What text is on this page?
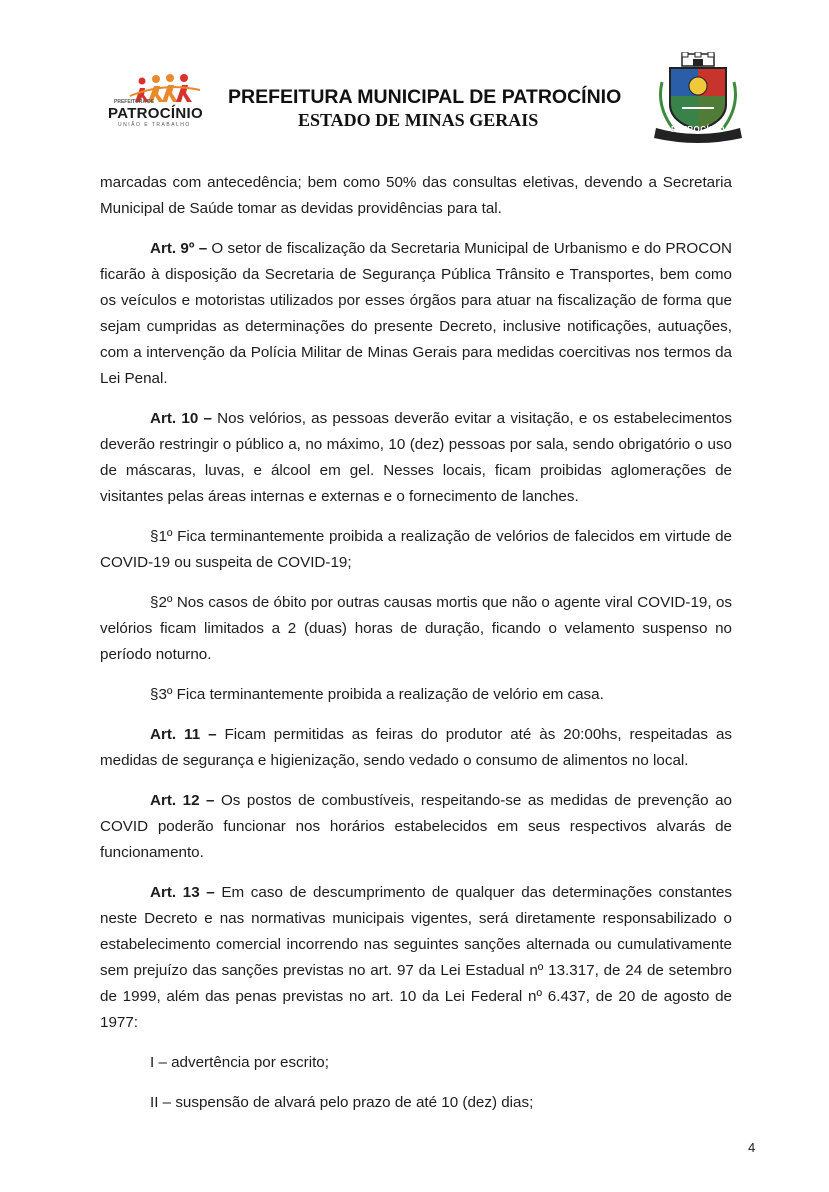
PREFEITURA DE
PATROCÍNIO
UNIÃO E TRABALHO
PREFEITURA MUNICIPAL DE PATROCÍNIO
ESTADO DE MINAS GERAIS	PATROCÍNIO

marcadas com antecedência; bem como 50% das consultas eletivas, devendo a Secretaria Municipal de Saúde tomar as devidas providências para tal.

Art. 9º – O setor de fiscalização da Secretaria Municipal de Urbanismo e do PROCON ficarão à disposição da Secretaria de Segurança Pública Trânsito e Transportes, bem como os veículos e motoristas utilizados por esses órgãos para atuar na fiscalização de forma que sejam cumpridas as determinações do presente Decreto, inclusive notificações, autuações, com a intervenção da Polícia Militar de Minas Gerais para medidas coercitivas nos termos da Lei Penal.

Art. 10 – Nos velórios, as pessoas deverão evitar a visitação, e os estabelecimentos deverão restringir o público a, no máximo, 10 (dez) pessoas por sala, sendo obrigatório o uso de máscaras, luvas, e álcool em gel. Nesses locais, ficam proibidas aglomerações de visitantes pelas áreas internas e externas e o fornecimento de lanches.

§1º Fica terminantemente proibida a realização de velórios de falecidos em virtude de COVID-19 ou suspeita de COVID-19;

§2º Nos casos de óbito por outras causas mortis que não o agente viral COVID-19, os velórios ficam limitados a 2 (duas) horas de duração, ficando o velamento suspenso no período noturno.

§3º Fica terminantemente proibida a realização de velório em casa.

Art. 11 – Ficam permitidas as feiras do produtor até às 20:00hs, respeitadas as medidas de segurança e higienização, sendo vedado o consumo de alimentos no local.

Art. 12 – Os postos de combustíveis, respeitando-se as medidas de prevenção ao COVID poderão funcionar nos horários estabelecidos em seus respectivos alvarás de funcionamento.

Art. 13 – Em caso de descumprimento de qualquer das determinações constantes neste Decreto e nas normativas municipais vigentes, será diretamente responsabilizado o estabelecimento comercial incorrendo nas seguintes sanções alternada ou cumulativamente sem prejuízo das sanções previstas no art. 97 da Lei Estadual nº 13.317, de 24 de setembro de 1999, além das penas previstas no art. 10 da Lei Federal nº 6.437, de 20 de agosto de 1977:

I – advertência por escrito;

II – suspensão de alvará pelo prazo de até 10 (dez) dias;

4
